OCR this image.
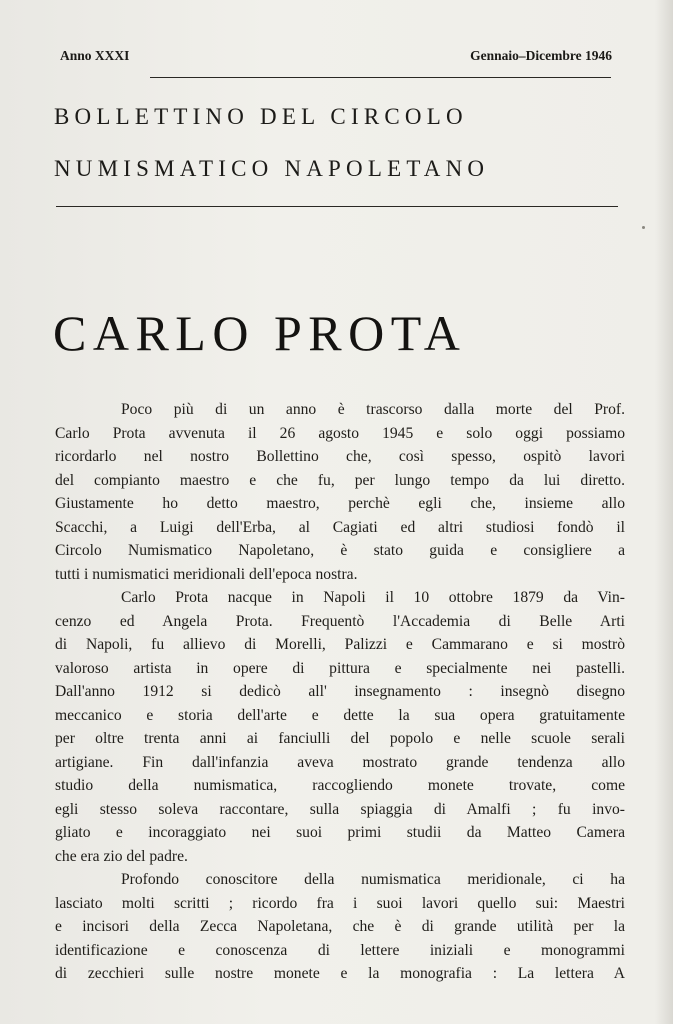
Anno XXXI	Gennaio–Dicembre 1946
BOLLETTINO DEL CIRCOLO
NUMISMATICO NAPOLETANO
CARLO PROTA
Poco più di un anno è trascorso dalla morte del Prof.
Carlo Prota avvenuta il 26 agosto 1945 e solo oggi possiamo
ricordarlo nel nostro Bollettino che, così spesso, ospitò lavori
del compianto maestro e che fu, per lungo tempo da lui diretto.
Giustamente ho detto maestro, perchè egli che, insieme allo
Scacchi, a Luigi dell'Erba, al Cagiati ed altri studiosi fondò il
Circolo Numismatico Napoletano, è stato guida e consigliere a
tutti i numismatici meridionali dell'epoca nostra.
Carlo Prota nacque in Napoli il 10 ottobre 1879 da Vin-
cenzo ed Angela Prota. Frequentò l'Accademia di Belle Arti
di Napoli, fu allievo di Morelli, Palizzi e Cammarano e si mostrò
valoroso artista in opere di pittura e specialmente nei pastelli.
Dall'anno 1912 si dedicò all' insegnamento : insegnò disegno
meccanico e storia dell'arte e dette la sua opera gratuitamente
per oltre trenta anni ai fanciulli del popolo e nelle scuole serali
artigiane. Fin dall'infanzia aveva mostrato grande tendenza allo
studio della numismatica, raccogliendo monete trovate, come
egli stesso soleva raccontare, sulla spiaggia di Amalfi ; fu invo-
gliato e incoraggiato nei suoi primi studii da Matteo Camera
che era zio del padre.
Profondo conoscitore della numismatica meridionale, ci ha
lasciato molti scritti ; ricordo fra i suoi lavori quello sui: Maestri
e incisori della Zecca Napoletana, che è di grande utilità per la
identificazione e conoscenza di lettere iniziali e monogrammi
di zecchieri sulle nostre monete e la monografia : La lettera A
